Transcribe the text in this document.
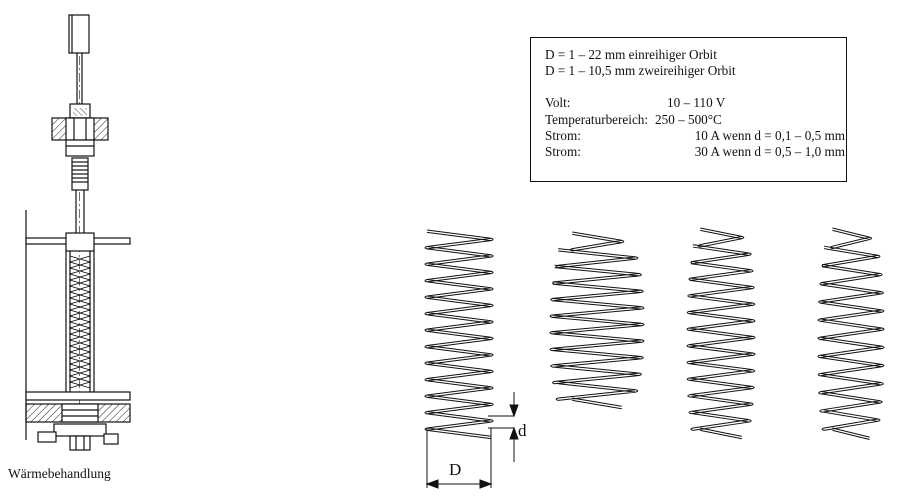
D = 1 – 22 mm einreihiger Orbit
D = 1 – 10,5 mm zweireihiger Orbit
Volt:	10 – 110 V
Temperaturbereich: 250 – 500°C
Strom:	10 A wenn d = 0,1 – 0,5 mm
Strom:	30 A wenn d = 0,5 – 1,0 mm
Wärmebehandlung
d
D
